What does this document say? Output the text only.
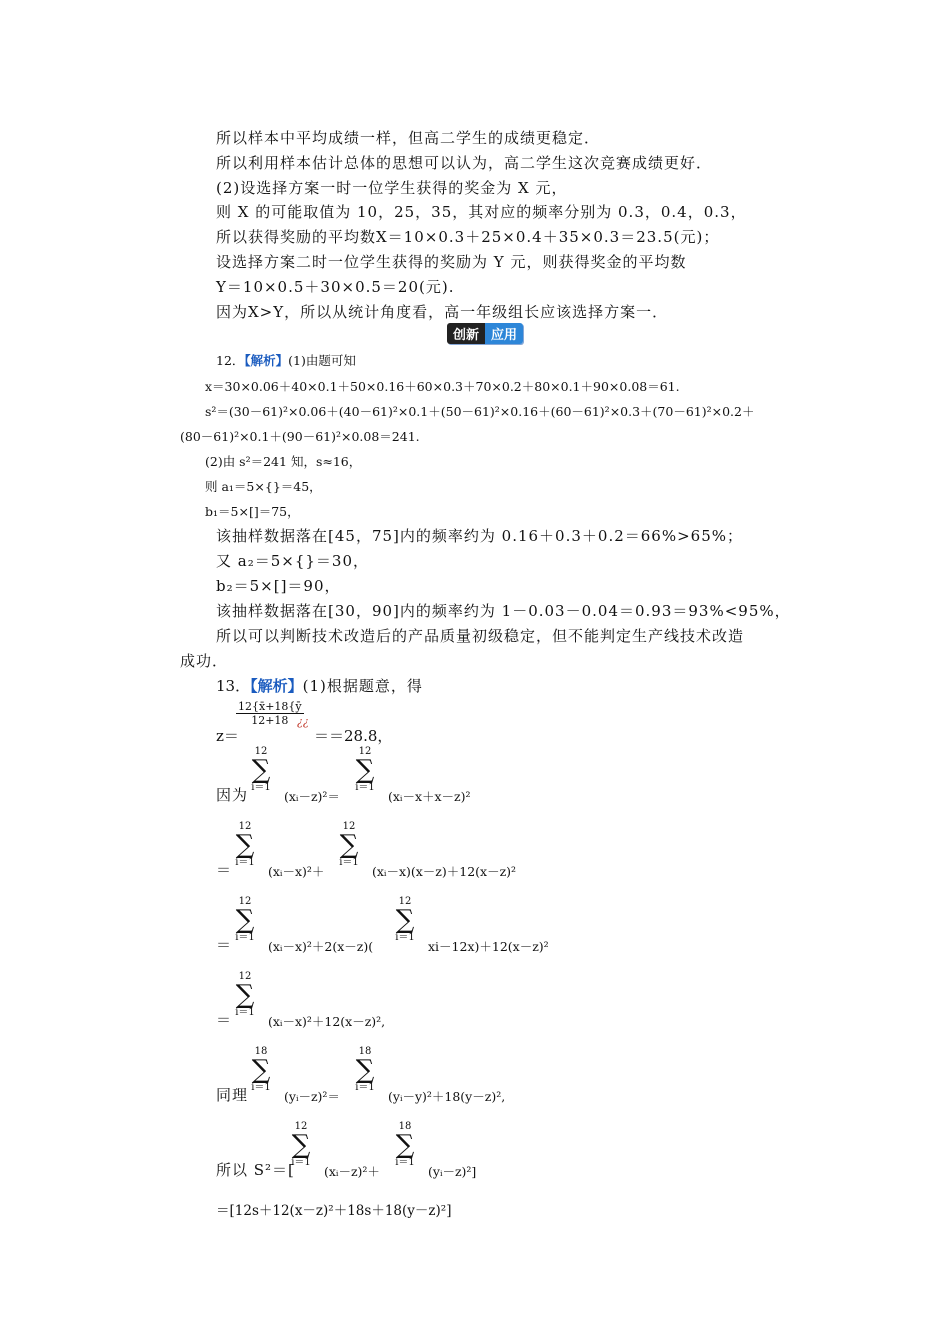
所以样本中平均成绩一样，但高二学生的成绩更稳定．
所以利用样本估计总体的思想可以认为，高二学生这次竞赛成绩更好．
(2)设选择方案一时一位学生获得的奖金为 X 元，
则 X 的可能取值为 10，25，35，其对应的频率分别为 0.3，0.4，0.3，
所以获得奖励的平均数X＝10×0.3＋25×0.4＋35×0.3＝23.5(元)；
设选择方案二时一位学生获得的奖励为 Y 元，则获得奖金的平均数
Y＝10×0.5＋30×0.5＝20(元).
因为X>Y，所以从统计角度看，高一年级组长应该选择方案一．
创新 应用
12．【解析】(1)由题可知
x＝30×0.06＋40×0.1＋50×0.16＋60×0.3＋70×0.2＋80×0.1＋90×0.08＝61.
s²＝(30－61)²×0.06＋(40－61)²×0.1＋(50－61)²×0.16＋(60－61)²×0.3＋(70－61)²×0.2＋
(80－61)²×0.1＋(90－61)²×0.08＝241.
(2)由 s²＝241 知，s≈16，
则 a₁＝5×{}＝45，
b₁＝5×[]＝75，
该抽样数据落在[45，75]内的频率约为 0.16＋0.3＋0.2＝66%>65%；
又 a₂＝5×{}＝30，
b₂＝5×[]＝90，
该抽样数据落在[30，90]内的频率约为 1－0.03－0.04＝0.93＝93%<95%，
所以可以判断技术改造后的产品质量初级稳定，但不能判定生产线技术改造
成功．
13．【解析】(1)根据题意，得
z＝
$\frac{12\{x̄+18\{ȳ}{12+18}$
¿¿
＝＝28.8，
因为
12
∑
i＝1
(xᵢ－z)²＝
12
∑
i＝1
(xᵢ－x＋x－z)²
＝
12
∑
i＝1
(xᵢ－x)²＋
12
∑
i＝1
(xᵢ－x)(x－z)＋12(x－z)²
＝
12
∑
i＝1
(xᵢ－x)²＋2(x－z)(
12
∑
i＝1
xi－12x)＋12(x－z)²
＝
12
∑
i＝1
(xᵢ－x)²＋12(x－z)²,
同理
18
∑
i＝1
(yᵢ－z)²＝
18
∑
i＝1
(yᵢ－y)²＋18(y－z)²,
所以 S²＝[
12
∑
i＝1
(xᵢ－z)²＋
18
∑
i＝1
(yᵢ－z)²]
＝[12s＋12(x－z)²＋18s＋18(y－z)²]
